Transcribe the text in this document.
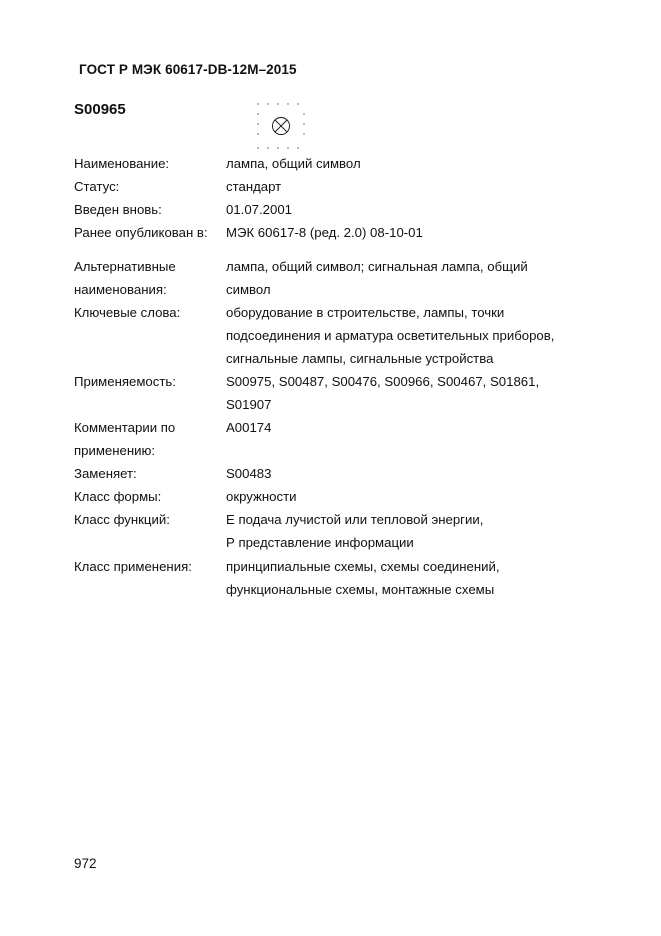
ГОСТ Р МЭК 60617-DB-12M–2015
S00965
Наименование:	лампа, общий символ
Статус:	стандарт
Введен вновь:	01.07.2001
Ранее опубликован в:	МЭК 60617-8 (ред. 2.0) 08-10-01
Альтернативные	лампа, общий символ; сигнальная лампа, общий
наименования:	символ
Ключевые слова:	оборудование в строительстве, лампы, точки
подсоединения и арматура осветительных приборов,
сигнальные лампы, сигнальные устройства
Применяемость:	S00975, S00487, S00476, S00966, S00467, S01861,
S01907
Комментарии по	A00174
применению:
Заменяет:	S00483
Класс формы:	окружности
Класс функций:	Е подача лучистой или тепловой энергии,
Р представление информации
Класс применения:	принципиальные схемы, схемы соединений,
функциональные схемы, монтажные схемы
972
